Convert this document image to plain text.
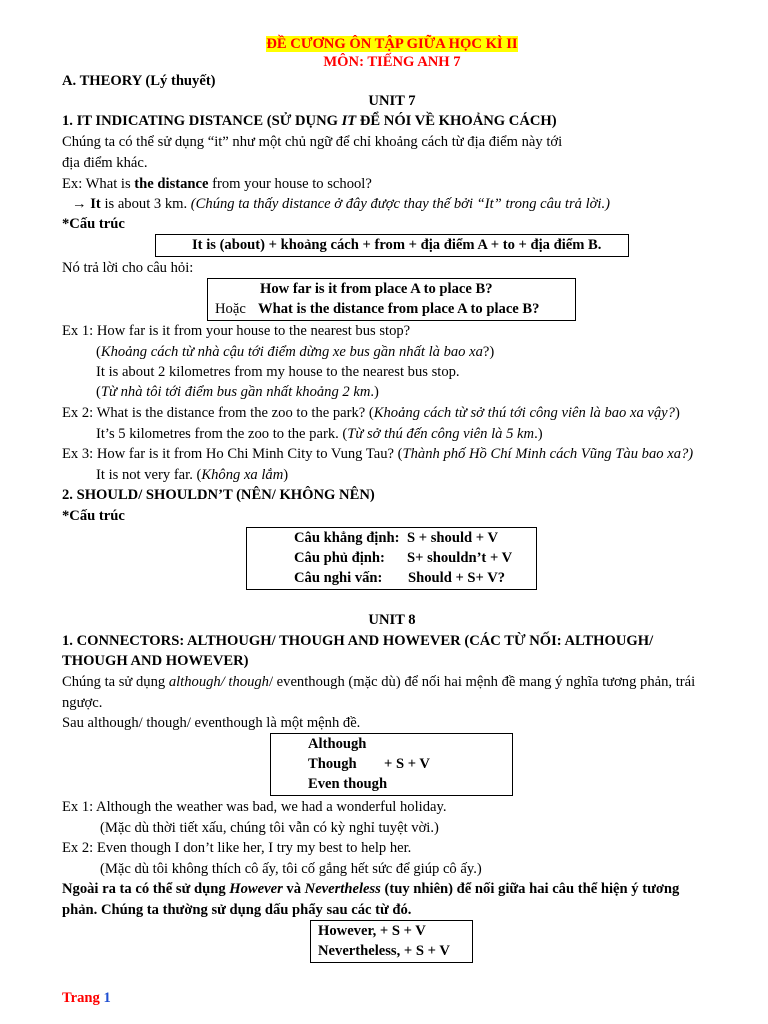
ĐỀ CƯƠNG ÔN TẬP GIỮA HỌC KÌ II
MÔN: TIẾNG ANH 7
A. THEORY (Lý thuyết)
UNIT 7
1. IT INDICATING DISTANCE (SỬ DỤNG IT ĐỂ NÓI VỀ KHOẢNG CÁCH)
Chúng ta có thể sử dụng “it” như một chủ ngữ để chỉ khoảng cách từ địa điểm này tới
địa điểm khác.
Ex: What is the distance from your house to school?
→ It is about 3 km. (Chúng ta thấy distance ở đây được thay thế bởi “It” trong câu trả lời.)
*Cấu trúc
It is (about) + khoảng cách + from + địa điểm A + to + địa điểm B.
Nó trả lời cho câu hỏi:
How far is it from place A to place B?
Hoặc What is the distance from place A to place B?
Ex 1: How far is it from your house to the nearest bus stop?
(Khoảng cách từ nhà cậu tới điểm dừng xe bus gần nhất là bao xa?)
It is about 2 kilometres from my house to the nearest bus stop.
(Từ nhà tôi tới điểm bus gần nhất khoảng 2 km.)
Ex 2: What is the distance from the zoo to the park? (Khoảng cách từ sở thú tới công viên là bao xa vậy?)
It’s 5 kilometres from the zoo to the park. (Từ sở thú đến công viên là 5 km.)
Ex 3: How far is it from Ho Chi Minh City to Vung Tau? (Thành phố Hồ Chí Minh cách Vũng Tàu bao xa?)
It is not very far. (Không xa lắm)
2. SHOULD/ SHOULDN’T (NÊN/ KHÔNG NÊN)
*Cấu trúc
Câu khẳng định: S + should + V
Câu phủ định: S+ shouldn’t + V
Câu nghi vấn: Should + S+ V?
UNIT 8
1. CONNECTORS: ALTHOUGH/ THOUGH AND HOWEVER (CÁC TỪ NỐI: ALTHOUGH/
THOUGH AND HOWEVER)
Chúng ta sử dụng although/ though/ eventhough (mặc dù) để nối hai mệnh đề mang ý nghĩa tương phản, trái
ngược.
Sau although/ though/ eventhough là một mệnh đề.
Although
Though + S + V
Even though
Ex 1: Although the weather was bad, we had a wonderful holiday.
(Mặc dù thời tiết xấu, chúng tôi vẫn có kỳ nghỉ tuyệt vời.)
Ex 2: Even though I don’t like her, I try my best to help her.
(Mặc dù tôi không thích cô ấy, tôi cố gắng hết sức để giúp cô ấy.)
Ngoài ra ta có thể sử dụng However và Nevertheless (tuy nhiên) để nối giữa hai câu thể hiện ý tương
phản. Chúng ta thường sử dụng dấu phẩy sau các từ đó.
However, + S + V
Nevertheless, + S + V
Trang 1
